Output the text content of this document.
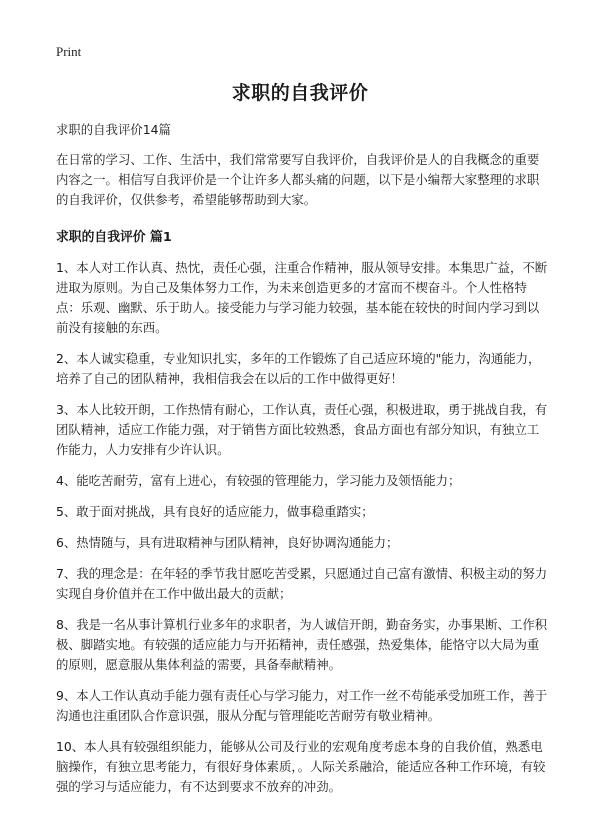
Print
求职的自我评价

求职的自我评价14篇

在日常的学习、工作、生活中，我们常常要写自我评价，自我评价是人的自我概念的重要内容之一。相信写自我评价是一个让许多人都头痛的问题，以下是小编帮大家整理的求职的自我评价，仅供参考，希望能够帮助到大家。

求职的自我评价 篇1

1、本人对工作认真、热忱，责任心强，注重合作精神，服从领导安排。本集思广益，不断进取为原则。为自己及集体努力工作，为未来创造更多的才富而不楔奋斗。个人性格特点：乐观、幽默、乐于助人。接受能力与学习能力较强，基本能在较快的时间内学习到以前没有接触的东西。

2、本人诚实稳重，专业知识扎实，多年的工作锻炼了自己适应环境的"能力，沟通能力，培养了自己的团队精神，我相信我会在以后的工作中做得更好！

3、本人比较开朗，工作热情有耐心，工作认真，责任心强，积极进取，勇于挑战自我，有团队精神，适应工作能力强，对于销售方面比较熟悉，食品方面也有部分知识，有独立工作能力，人力安排有少许认识。

4、能吃苦耐劳，富有上进心，有较强的管理能力，学习能力及领悟能力；

5、敢于面对挑战，具有良好的适应能力，做事稳重踏实；

6、热情随与，具有进取精神与团队精神，良好协调沟通能力；

7、我的理念是：在年轻的季节我甘愿吃苦受累，只愿通过自己富有激情、积极主动的努力实现自身价值并在工作中做出最大的贡献；

8、我是一名从事计算机行业多年的求职者，为人诚信开朗，勤奋务实，办事果断、工作积极、脚踏实地。有较强的适应能力与开拓精神，责任感强，热爱集体，能恪守以大局为重的原则，愿意服从集体利益的需要，具备奉献精神。

9、本人工作认真动手能力强有责任心与学习能力，对工作一丝不苟能承受加班工作，善于沟通也注重团队合作意识强，服从分配与管理能吃苦耐劳有敬业精神。

10、本人具有较强组织能力，能够从公司及行业的宏观角度考虑本身的自我价值，熟悉电脑操作，有独立思考能力，有很好身体素质，。人际关系融洽，能适应各种工作环境，有较强的学习与适应能力，有不达到要求不放弃的冲劲。
